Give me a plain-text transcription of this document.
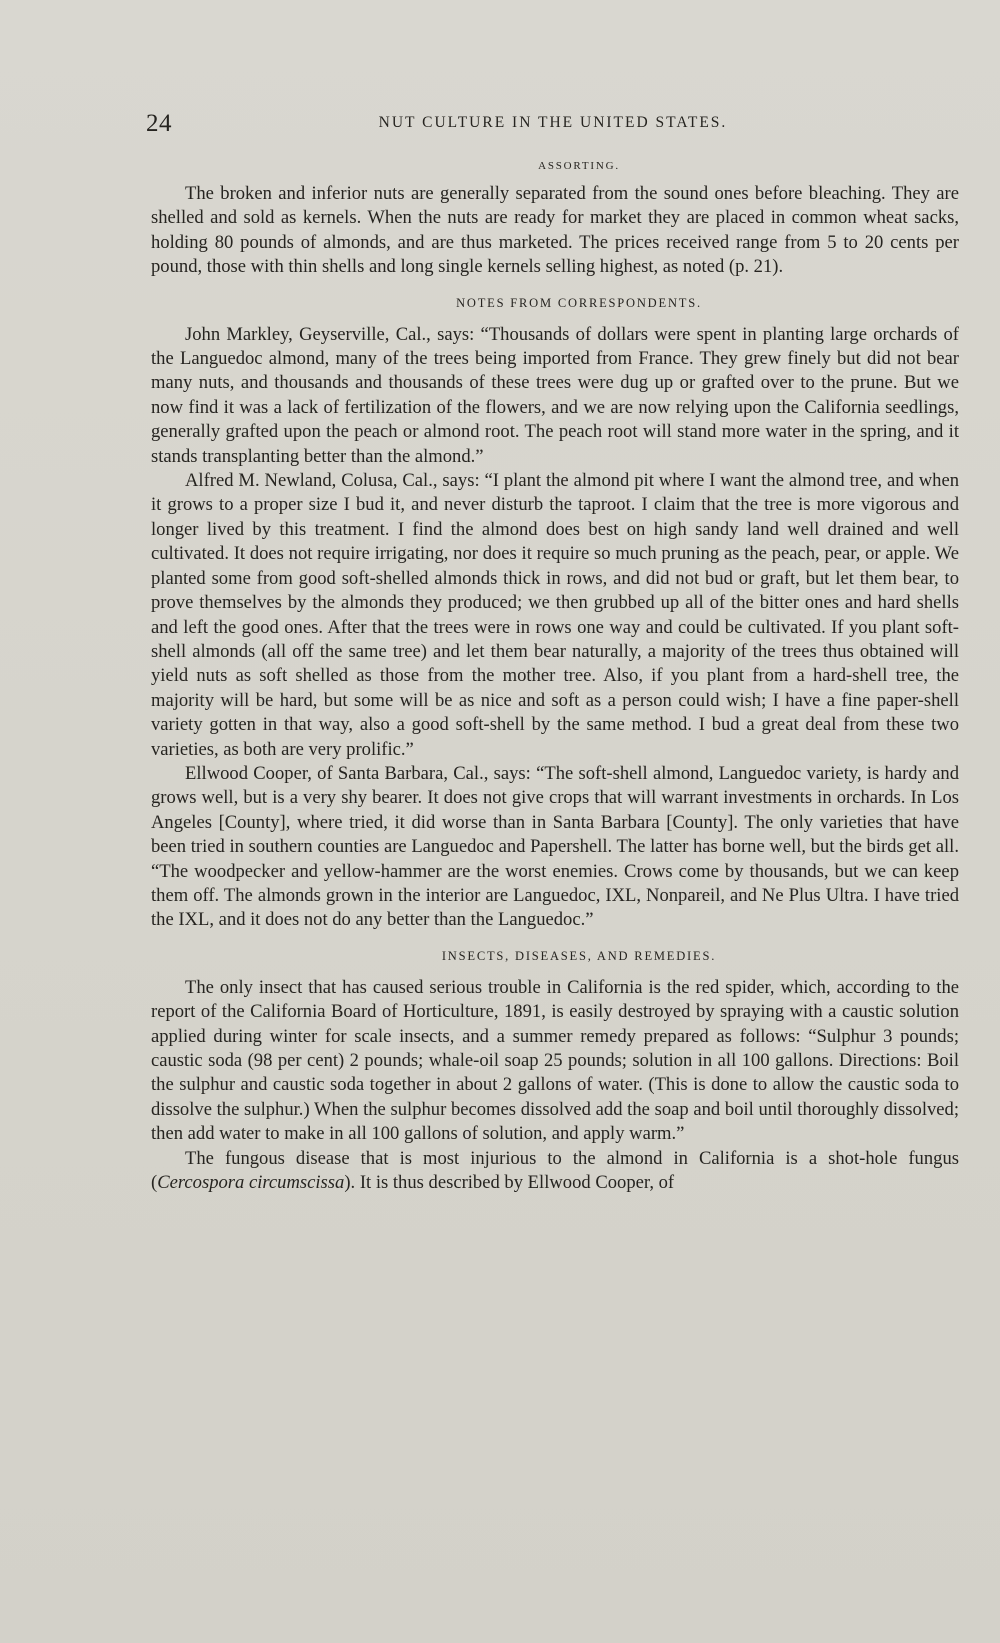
24	NUT CULTURE IN THE UNITED STATES.
ASSORTING.

The broken and inferior nuts are generally separated from the sound ones before bleaching. They are shelled and sold as kernels. When the nuts are ready for market they are placed in common wheat sacks, holding 80 pounds of almonds, and are thus marketed. The prices received range from 5 to 20 cents per pound, those with thin shells and long single kernels selling highest, as noted (p. 21).

NOTES FROM CORRESPONDENTS.

John Markley, Geyserville, Cal., says: “Thousands of dollars were spent in planting large orchards of the Languedoc almond, many of the trees being imported from France. They grew finely but did not bear many nuts, and thousands and thousands of these trees were dug up or grafted over to the prune. But we now find it was a lack of fertilization of the flowers, and we are now relying upon the California seedlings, generally grafted upon the peach or almond root. The peach root will stand more water in the spring, and it stands transplanting better than the almond.”

Alfred M. Newland, Colusa, Cal., says: “I plant the almond pit where I want the almond tree, and when it grows to a proper size I bud it, and never disturb the taproot. I claim that the tree is more vigorous and longer lived by this treatment. I find the almond does best on high sandy land well drained and well cultivated. It does not require irrigating, nor does it require so much pruning as the peach, pear, or apple. We planted some from good soft-shelled almonds thick in rows, and did not bud or graft, but let them bear, to prove themselves by the almonds they produced; we then grubbed up all of the bitter ones and hard shells and left the good ones. After that the trees were in rows one way and could be cultivated. If you plant soft-shell almonds (all off the same tree) and let them bear naturally, a majority of the trees thus obtained will yield nuts as soft shelled as those from the mother tree. Also, if you plant from a hard-shell tree, the majority will be hard, but some will be as nice and soft as a person could wish; I have a fine paper-shell variety gotten in that way, also a good soft-shell by the same method. I bud a great deal from these two varieties, as both are very prolific.”

Ellwood Cooper, of Santa Barbara, Cal., says: “The soft-shell almond, Languedoc variety, is hardy and grows well, but is a very shy bearer. It does not give crops that will warrant investments in orchards. In Los Angeles [County], where tried, it did worse than in Santa Barbara [County]. The only varieties that have been tried in southern counties are Languedoc and Papershell. The latter has borne well, but the birds get all. “The woodpecker and yellow-hammer are the worst enemies. Crows come by thousands, but we can keep them off. The almonds grown in the interior are Languedoc, IXL, Nonpareil, and Ne Plus Ultra. I have tried the IXL, and it does not do any better than the Languedoc.”

INSECTS, DISEASES, AND REMEDIES.

The only insect that has caused serious trouble in California is the red spider, which, according to the report of the California Board of Horticulture, 1891, is easily destroyed by spraying with a caustic solution applied during winter for scale insects, and a summer remedy prepared as follows: “Sulphur 3 pounds; caustic soda (98 per cent) 2 pounds; whale-oil soap 25 pounds; solution in all 100 gallons. Directions: Boil the sulphur and caustic soda together in about 2 gallons of water. (This is done to allow the caustic soda to dissolve the sulphur.) When the sulphur becomes dissolved add the soap and boil until thoroughly dissolved; then add water to make in all 100 gallons of solution, and apply warm.”

The fungous disease that is most injurious to the almond in California is a shot-hole fungus (Cercospora circumscissa). It is thus described by Ellwood Cooper, of
